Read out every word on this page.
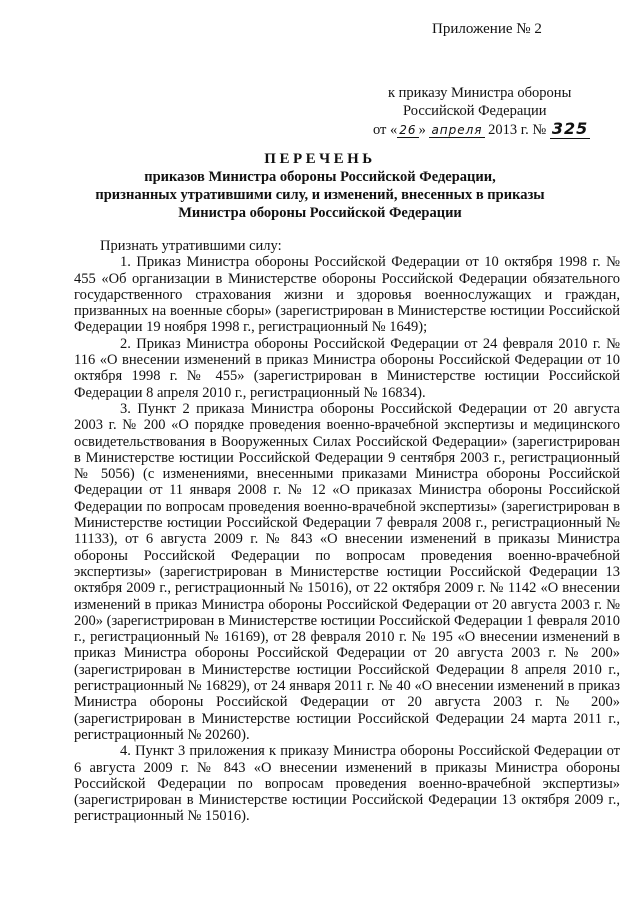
Приложение № 2
к приказу Министра обороны
Российской Федерации
от « 26 » апреля 2013 г. № 325
ПЕРЕЧЕНЬ
приказов Министра обороны Российской Федерации,
признанных утратившими силу, и изменений, внесенных в приказы
Министра обороны Российской Федерации
Признать утратившими силу:
1. Приказ Министра обороны Российской Федерации от 10 октября 1998 г. № 455 «Об организации в Министерстве обороны Российской Федерации обязательного государственного страхования жизни и здоровья военнослужащих и граждан, призванных на военные сборы» (зарегистрирован в Министерстве юстиции Российской Федерации 19 ноября 1998 г., регистрационный № 1649);
2. Приказ Министра обороны Российской Федерации от 24 февраля 2010 г. № 116 «О внесении изменений в приказ Министра обороны Российской Федерации от 10 октября 1998 г. № 455» (зарегистрирован в Министерстве юстиции Российской Федерации 8 апреля 2010 г., регистрационный № 16834).
3. Пункт 2 приказа Министра обороны Российской Федерации от 20 августа 2003 г. № 200 «О порядке проведения военно-врачебной экспертизы и медицинского освидетельствования в Вооруженных Силах Российской Федерации» (зарегистрирован в Министерстве юстиции Российской Федерации 9 сентября 2003 г., регистрационный № 5056) (с изменениями, внесенными приказами Министра обороны Российской Федерации от 11 января 2008 г. № 12 «О приказах Министра обороны Российской Федерации по вопросам проведения военно-врачебной экспертизы» (зарегистрирован в Министерстве юстиции Российской Федерации 7 февраля 2008 г., регистрационный № 11133), от 6 августа 2009 г. № 843 «О внесении изменений в приказы Министра обороны Российской Федерации по вопросам проведения военно-врачебной экспертизы» (зарегистрирован в Министерстве юстиции Российской Федерации 13 октября 2009 г., регистрационный № 15016), от 22 октября 2009 г. № 1142 «О внесении изменений в приказ Министра обороны Российской Федерации от 20 августа 2003 г. № 200» (зарегистрирован в Министерстве юстиции Российской Федерации 1 февраля 2010 г., регистрационный № 16169), от 28 февраля 2010 г. № 195 «О внесении изменений в приказ Министра обороны Российской Федерации от 20 августа 2003 г. № 200» (зарегистрирован в Министерстве юстиции Российской Федерации 8 апреля 2010 г., регистрационный № 16829), от 24 января 2011 г. № 40 «О внесении изменений в приказ Министра обороны Российской Федерации от 20 августа 2003 г. № 200» (зарегистрирован в Министерстве юстиции Российской Федерации 24 марта 2011 г., регистрационный № 20260).
4. Пункт 3 приложения к приказу Министра обороны Российской Федерации от 6 августа 2009 г. № 843 «О внесении изменений в приказы Министра обороны Российской Федерации по вопросам проведения военно-врачебной экспертизы» (зарегистрирован в Министерстве юстиции Российской Федерации 13 октября 2009 г., регистрационный № 15016).
